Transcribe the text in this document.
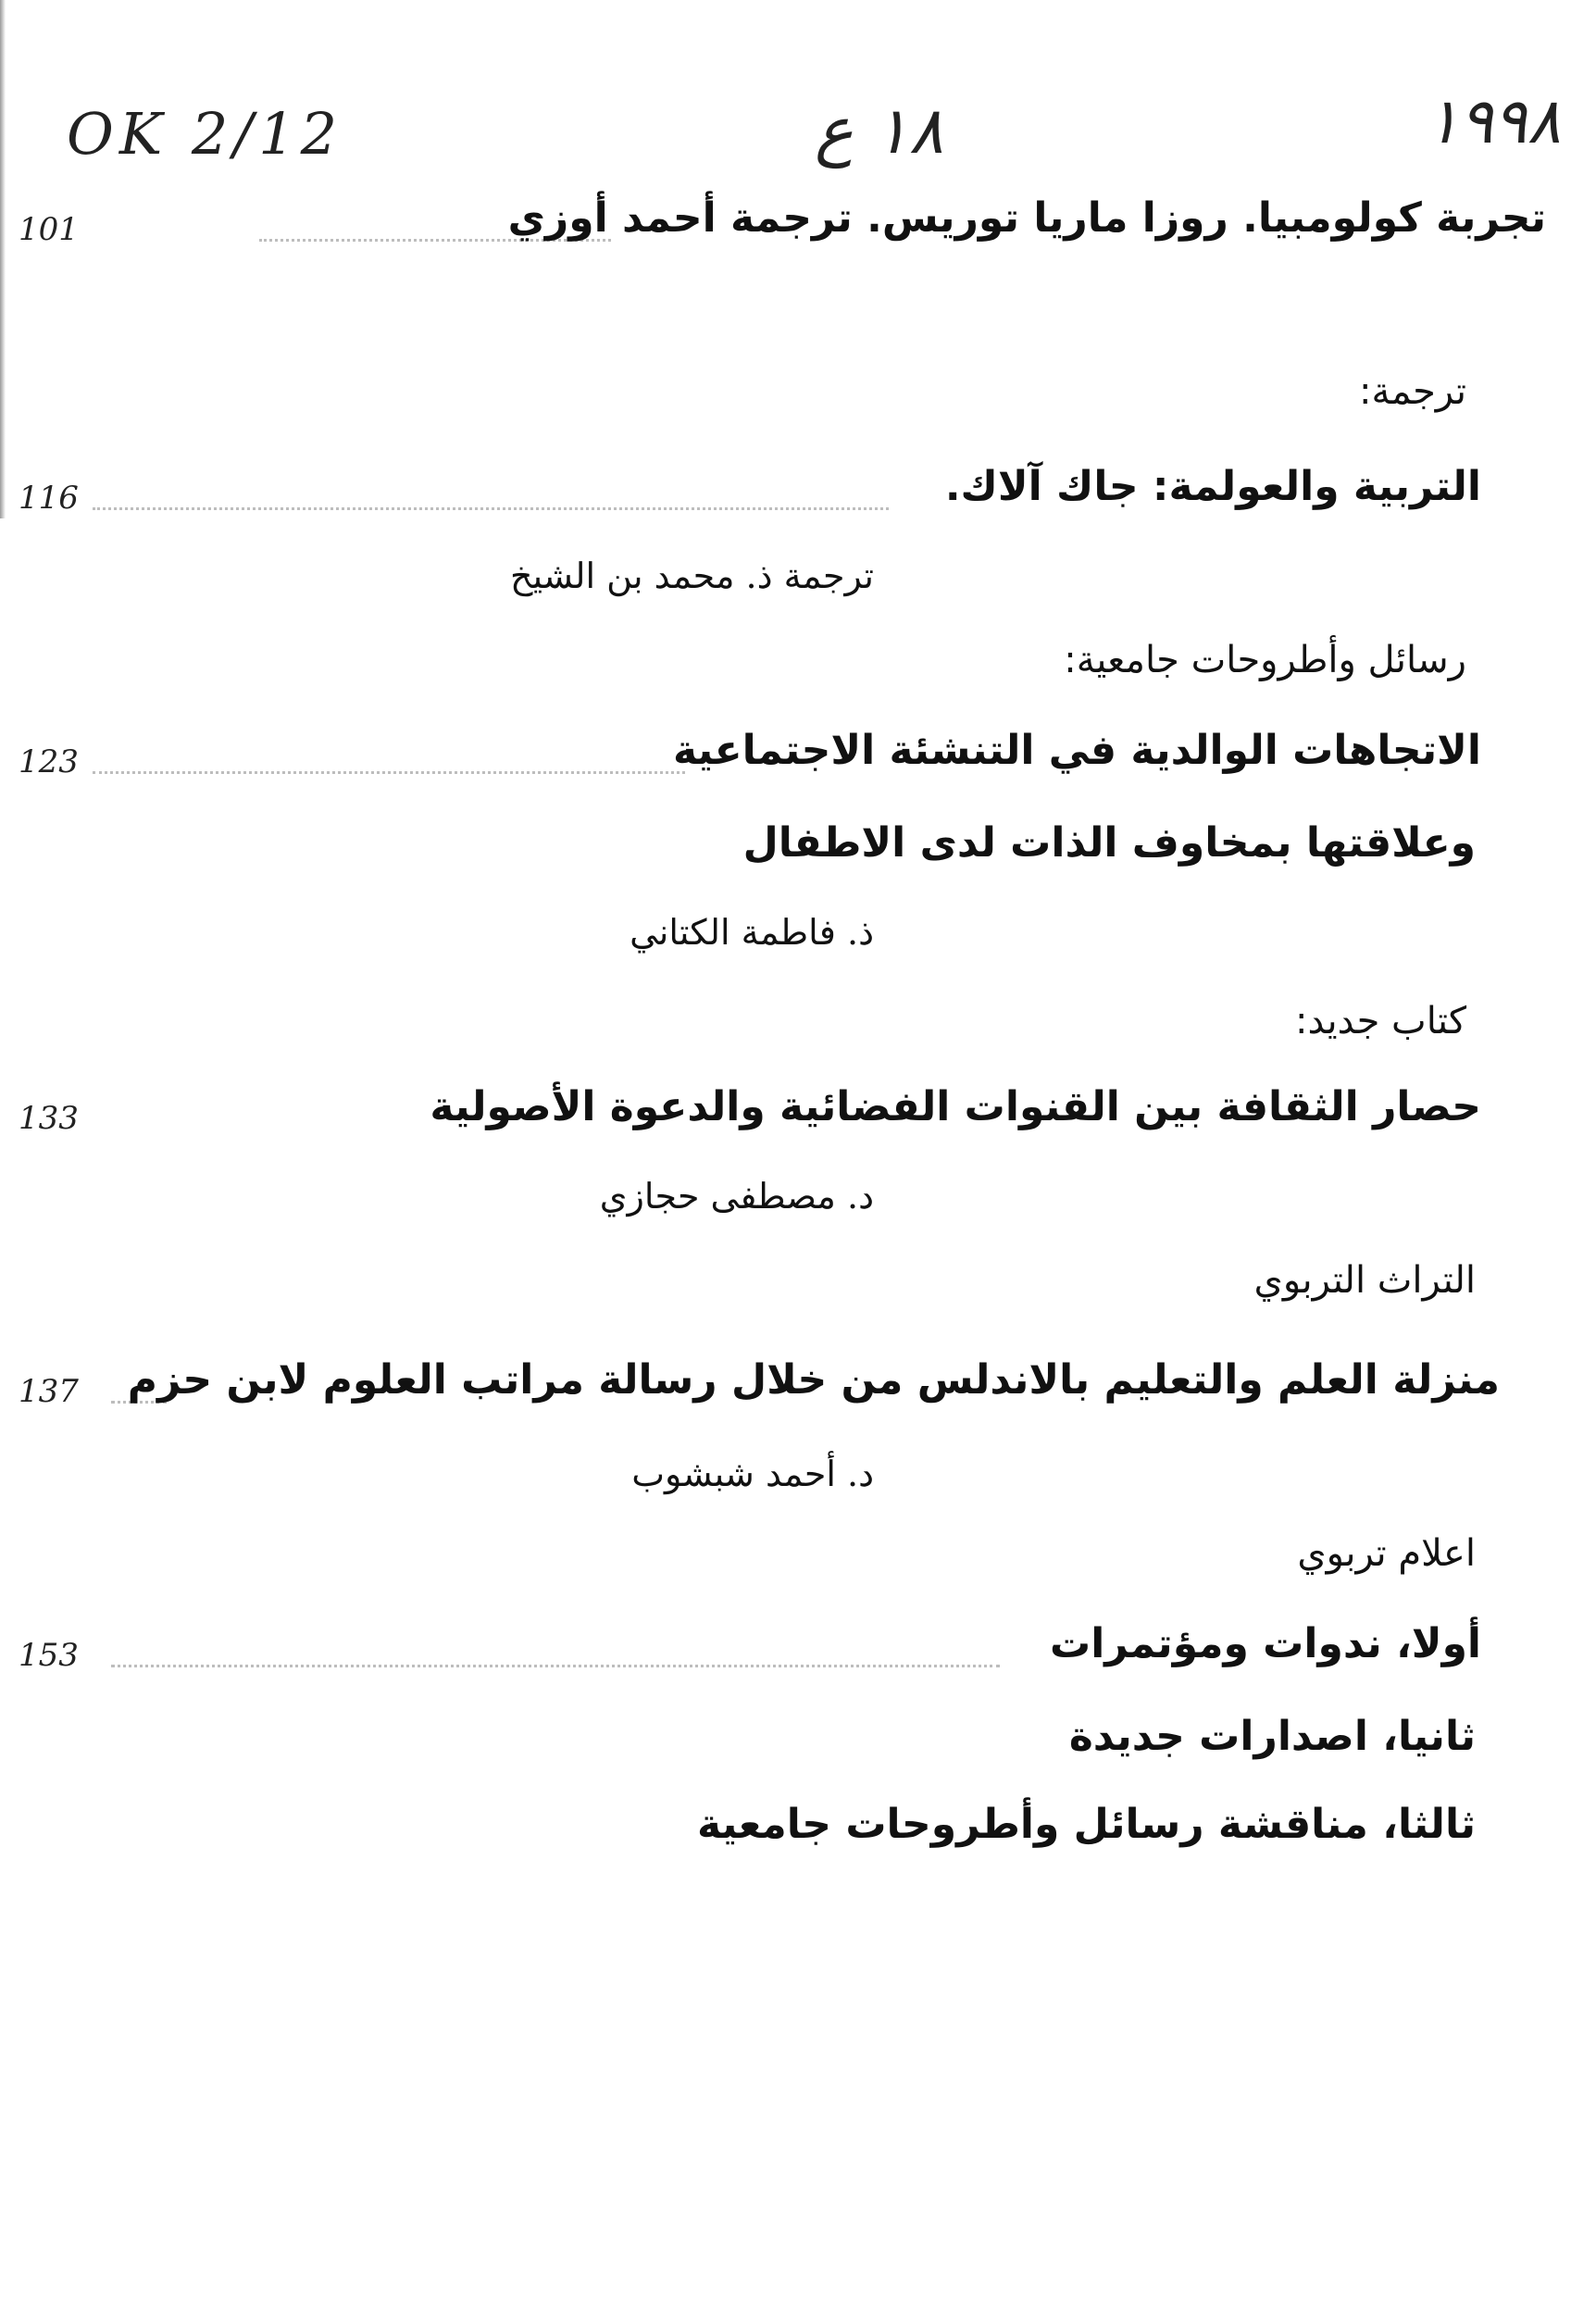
OK 2/12	١٨ ع	١٩٩٨
101	تجربة كولومبيا. روزا ماريا توريس. ترجمة أحمد أوزي
ترجمة:
116	التربية والعولمة: جاك آلاك.
ترجمة ذ. محمد بن الشيخ
رسائل وأطروحات جامعية:
123	الاتجاهات الوالدية في التنشئة الاجتماعية
وعلاقتها بمخاوف الذات لدى الاطفال
ذ. فاطمة الكتاني
كتاب جديد:
133	حصار الثقافة بين القنوات الفضائية والدعوة الأصولية
د. مصطفى حجازي
التراث التربوي
137 منزلة العلم والتعليم بالاندلس من خلال رسالة مراتب العلوم لابن حزم
د. أحمد شبشوب
اعلام تربوي
153	أولا، ندوات ومؤتمرات
ثانيا، اصدارات جديدة
ثالثا، مناقشة رسائل وأطروحات جامعية
